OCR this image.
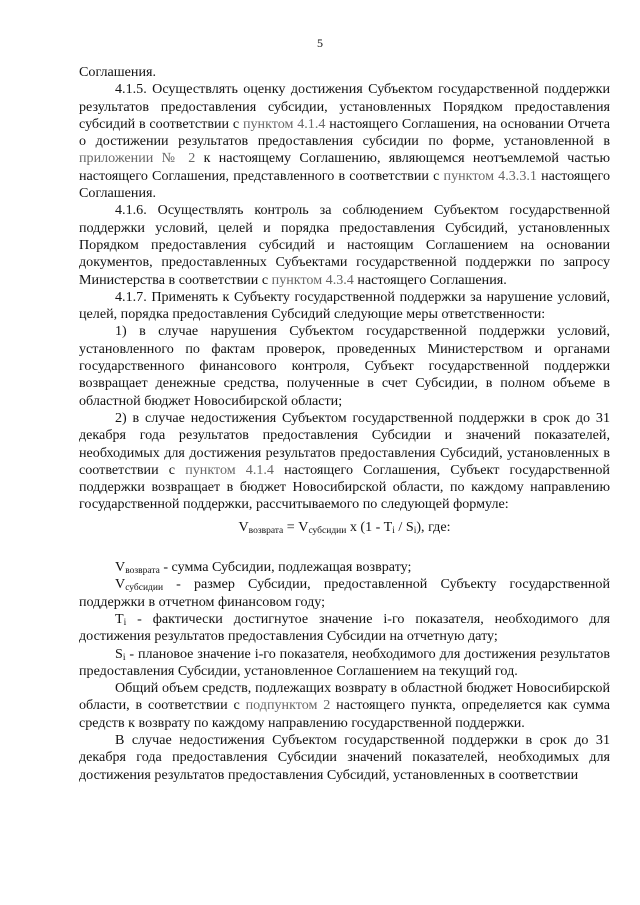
5

Соглашения.

4.1.5. Осуществлять оценку достижения Субъектом государственной поддержки результатов предоставления субсидии, установленных Порядком предоставления субсидий в соответствии с пунктом 4.1.4 настоящего Соглашения, на основании Отчета о достижении результатов предоставления субсидии по форме, установленной в приложении № 2 к настоящему Соглашению, являющемся неотъемлемой частью настоящего Соглашения, представленного в соответствии с пунктом 4.3.3.1 настоящего Соглашения.

4.1.6. Осуществлять контроль за соблюдением Субъектом государственной поддержки условий, целей и порядка предоставления Субсидий, установленных Порядком предоставления субсидий и настоящим Соглашением на основании документов, предоставленных Субъектами государственной поддержки по запросу Министерства в соответствии с пунктом 4.3.4 настоящего Соглашения.

4.1.7. Применять к Субъекту государственной поддержки за нарушение условий, целей, порядка предоставления Субсидий следующие меры ответственности:

1) в случае нарушения Субъектом государственной поддержки условий, установленного по фактам проверок, проведенных Министерством и органами государственного финансового контроля, Субъект государственной поддержки возвращает денежные средства, полученные в счет Субсидии, в полном объеме в областной бюджет Новосибирской области;

2) в случае недостижения Субъектом государственной поддержки в срок до 31 декабря года результатов предоставления Субсидии и значений показателей, необходимых для достижения результатов предоставления Субсидий, установленных в соответствии с пунктом 4.1.4 настоящего Соглашения, Субъект государственной поддержки возвращает в бюджет Новосибирской области, по каждому направлению государственной поддержки, рассчитываемого по следующей формуле:

$V_{возврата} = V_{субсидии}$ x $(1 - T_i / S_i)$, где:

$V_{возврата}$ - сумма Субсидии, подлежащая возврату;

$V_{субсидии}$ - размер Субсидии, предоставленной Субъекту государственной поддержки в отчетном финансовом году;

$T_i$ - фактически достигнутое значение i-го показателя, необходимого для достижения результатов предоставления Субсидии на отчетную дату;

$S_i$ - плановое значение i-го показателя, необходимого для достижения результатов предоставления Субсидии, установленное Соглашением на текущий год.

Общий объем средств, подлежащих возврату в областной бюджет Новосибирской области, в соответствии с подпунктом 2 настоящего пункта, определяется как сумма средств к возврату по каждому направлению государственной поддержки.

В случае недостижения Субъектом государственной поддержки в срок до 31 декабря года предоставления Субсидии значений показателей, необходимых для достижения результатов предоставления Субсидий, установленных в соответствии
